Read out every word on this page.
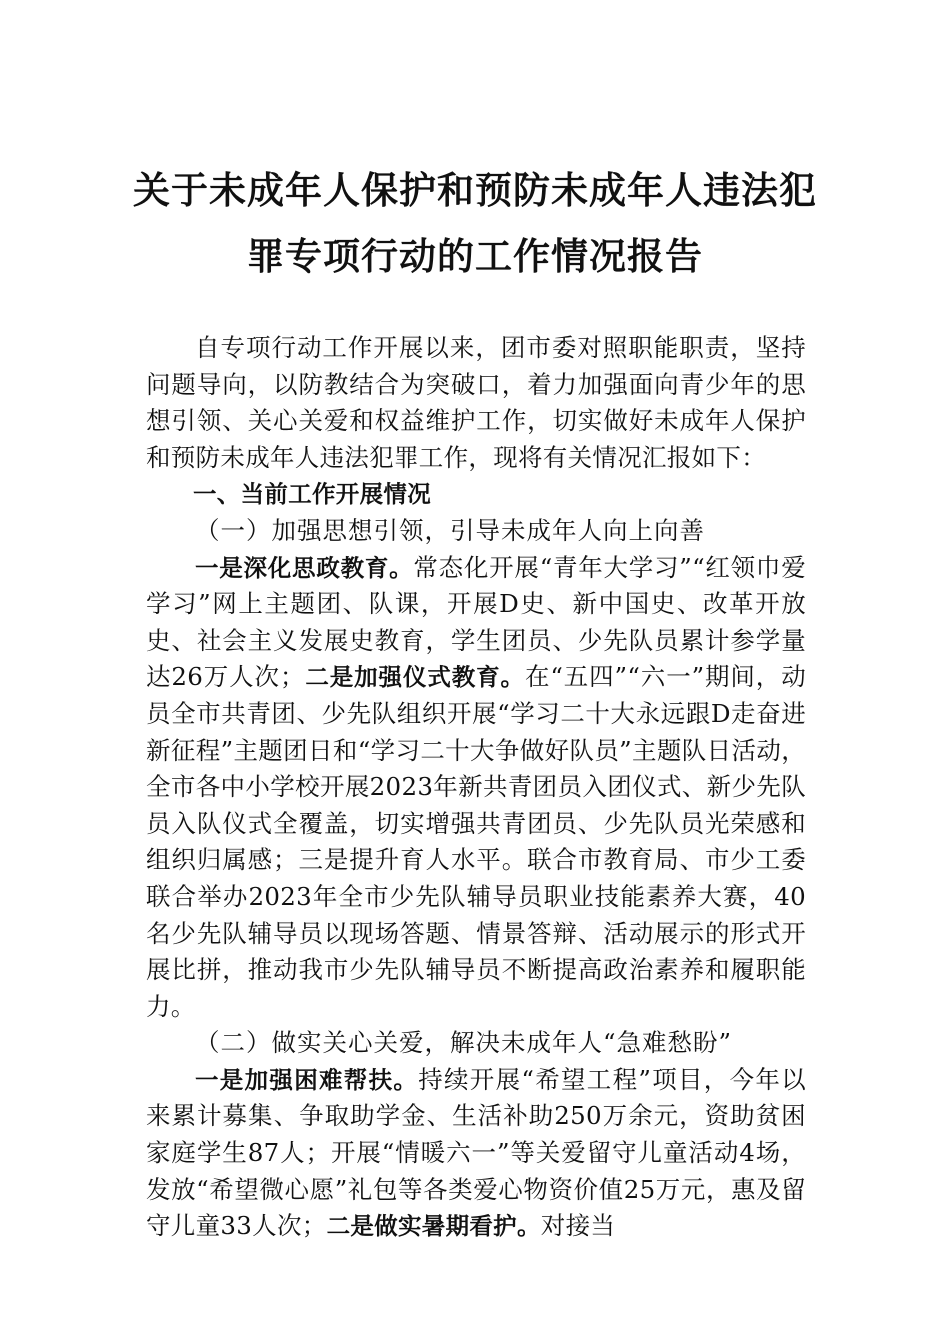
关于未成年人保护和预防未成年人违法犯
罪专项行动的工作情况报告

自专项行动工作开展以来，团市委对照职能职责，坚持问题导向，以防教结合为突破口，着力加强面向青少年的思想引领、关心关爱和权益维护工作，切实做好未成年人保护和预防未成年人违法犯罪工作，现将有关情况汇报如下：

一、当前工作开展情况

（一）加强思想引领，引导未成年人向上向善

一是深化思政教育。常态化开展“青年大学习”“红领巾爱学习”网上主题团、队课，开展D史、新中国史、改革开放史、社会主义发展史教育，学生团员、少先队员累计参学量达26万人次；二是加强仪式教育。在“五四”“六一”期间，动员全市共青团、少先队组织开展“学习二十大永远跟D走奋进新征程”主题团日和“学习二十大争做好队员”主题队日活动，全市各中小学校开展2023年新共青团员入团仪式、新少先队员入队仪式全覆盖，切实增强共青团员、少先队员光荣感和组织归属感；三是提升育人水平。联合市教育局、市少工委联合举办2023年全市少先队辅导员职业技能素养大赛，40名少先队辅导员以现场答题、情景答辩、活动展示的形式开展比拼，推动我市少先队辅导员不断提高政治素养和履职能力。

（二）做实关心关爱，解决未成年人“急难愁盼”

一是加强困难帮扶。持续开展“希望工程”项目，今年以来累计募集、争取助学金、生活补助250万余元，资助贫困家庭学生87人；开展“情暖六一”等关爱留守儿童活动4场，发放“希望微心愿”礼包等各类爱心物资价值25万元，惠及留守儿童33人次；二是做实暑期看护。对接当
